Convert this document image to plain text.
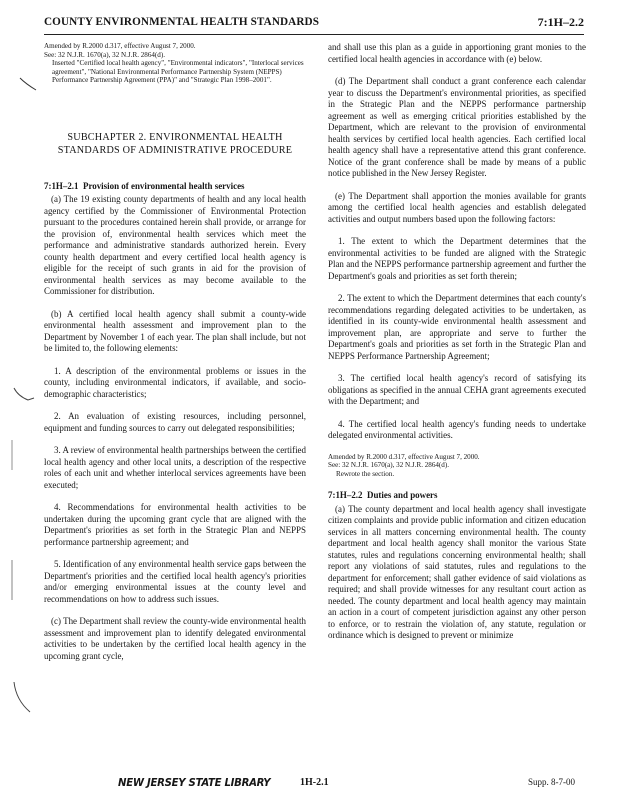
COUNTY ENVIRONMENTAL HEALTH STANDARDS	7:1H–2.2
Amended by R.2000 d.317, effective August 7, 2000.
See: 32 N.J.R. 1670(a), 32 N.J.R. 2864(d).

Inserted "Certified local health agency", "Environmental indicators", "Interlocal services agreement", "National Environmental Performance Partnership System (NEPPS) Performance Partnership Agreement (PPA)" and "Strategic Plan 1998–2001".
SUBCHAPTER 2. ENVIRONMENTAL HEALTH STANDARDS OF ADMINISTRATIVE PROCEDURE
7:1H–2.1 Provision of environmental health services

(a) The 19 existing county departments of health and any local health agency certified by the Commissioner of Environmental Protection pursuant to the procedures contained herein shall provide, or arrange for the provision of, environmental health services which meet the performance and administrative standards authorized herein. Every county health department and every certified local health agency is eligible for the receipt of such grants in aid for the provision of environmental health services as may become available to the Commissioner for distribution.

(b) A certified local health agency shall submit a county-wide environmental health assessment and improvement plan to the Department by November 1 of each year. The plan shall include, but not be limited to, the following elements:

1. A description of the environmental problems or issues in the county, including environmental indicators, if available, and socio-demographic characteristics;

2. An evaluation of existing resources, including personnel, equipment and funding sources to carry out delegated responsibilities;

3. A review of environmental health partnerships between the certified local health agency and other local units, a description of the respective roles of each unit and whether interlocal services agreements have been executed;

4. Recommendations for environmental health activities to be undertaken during the upcoming grant cycle that are aligned with the Department's priorities as set forth in the Strategic Plan and NEPPS performance partnership agreement; and

5. Identification of any environmental health service gaps between the Department's priorities and the certified local health agency's priorities and/or emerging environmental issues at the county level and recommendations on how to address such issues.

(c) The Department shall review the county-wide environmental health assessment and improvement plan to identify delegated environmental activities to be undertaken by the certified local health agency in the upcoming grant cycle,

and shall use this plan as a guide in apportioning grant monies to the certified local health agencies in accordance with (e) below.

(d) The Department shall conduct a grant conference each calendar year to discuss the Department's environmental priorities, as specified in the Strategic Plan and the NEPPS performance partnership agreement as well as emerging critical priorities established by the Department, which are relevant to the provision of environmental health services by certified local health agencies. Each certified local health agency shall have a representative attend this grant conference. Notice of the grant conference shall be made by means of a public notice published in the New Jersey Register.

(e) The Department shall apportion the monies available for grants among the certified local health agencies and establish delegated activities and output numbers based upon the following factors:

1. The extent to which the Department determines that the environmental activities to be funded are aligned with the Strategic Plan and the NEPPS performance partnership agreement and further the Department's goals and priorities as set forth therein;

2. The extent to which the Department determines that each county's recommendations regarding delegated activities to be undertaken, as identified in its county-wide environmental health assessment and improvement plan, are appropriate and serve to further the Department's goals and priorities as set forth in the Strategic Plan and NEPPS Performance Partnership Agreement;

3. The certified local health agency's record of satisfying its obligations as specified in the annual CEHA grant agreements executed with the Department; and

4. The certified local health agency's funding needs to undertake delegated environmental activities.

Amended by R.2000 d.317, effective August 7, 2000.
See: 32 N.J.R. 1670(a), 32 N.J.R. 2864(d).

Rewrote the section.
7:1H–2.2 Duties and powers

(a) The county department and local health agency shall investigate citizen complaints and provide public information and citizen education services in all matters concerning environmental health. The county department and local health agency shall monitor the various State statutes, rules and regulations concerning environmental health; shall report any violations of said statutes, rules and regulations to the department for enforcement; shall gather evidence of said violations as required; and shall provide witnesses for any resultant court action as needed. The county department and local health agency may maintain an action in a court of competent jurisdiction against any other person to enforce, or to restrain the violation of, any statute, regulation or ordinance which is designed to prevent or minimize

NEW JERSEY STATE LIBRARY	1H-2.1	Supp. 8-7-00
